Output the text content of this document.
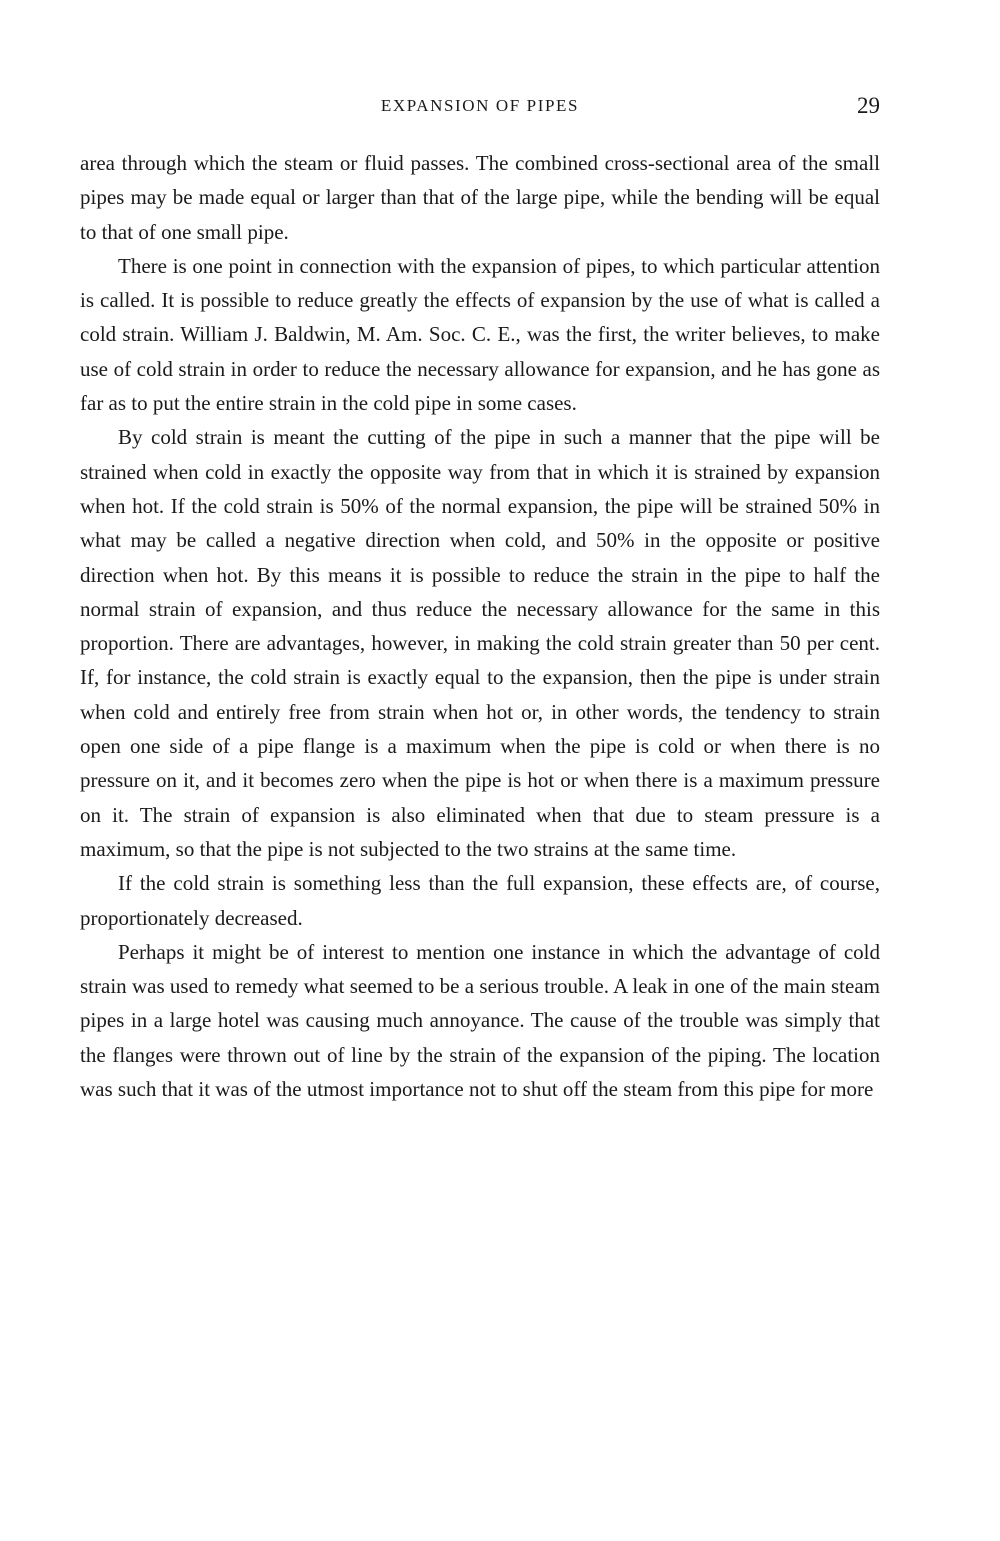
EXPANSION OF PIPES	29

area through which the steam or fluid passes. The combined cross-sectional area of the small pipes may be made equal or larger than that of the large pipe, while the bending will be equal to that of one small pipe.

There is one point in connection with the expansion of pipes, to which particular attention is called. It is possible to reduce greatly the effects of expansion by the use of what is called a cold strain. William J. Baldwin, M. Am. Soc. C. E., was the first, the writer believes, to make use of cold strain in order to reduce the necessary allowance for expansion, and he has gone as far as to put the entire strain in the cold pipe in some cases.

By cold strain is meant the cutting of the pipe in such a manner that the pipe will be strained when cold in exactly the opposite way from that in which it is strained by expansion when hot. If the cold strain is 50% of the normal expansion, the pipe will be strained 50% in what may be called a negative direction when cold, and 50% in the opposite or positive direction when hot. By this means it is possible to reduce the strain in the pipe to half the normal strain of expansion, and thus reduce the necessary allowance for the same in this proportion. There are advantages, however, in making the cold strain greater than 50 per cent. If, for instance, the cold strain is exactly equal to the expansion, then the pipe is under strain when cold and entirely free from strain when hot or, in other words, the tendency to strain open one side of a pipe flange is a maximum when the pipe is cold or when there is no pressure on it, and it becomes zero when the pipe is hot or when there is a maximum pressure on it. The strain of expansion is also eliminated when that due to steam pressure is a maximum, so that the pipe is not subjected to the two strains at the same time.

If the cold strain is something less than the full expansion, these effects are, of course, proportionately decreased.

Perhaps it might be of interest to mention one instance in which the advantage of cold strain was used to remedy what seemed to be a serious trouble. A leak in one of the main steam pipes in a large hotel was causing much annoyance. The cause of the trouble was simply that the flanges were thrown out of line by the strain of the expansion of the piping. The location was such that it was of the utmost importance not to shut off the steam from this pipe for more
